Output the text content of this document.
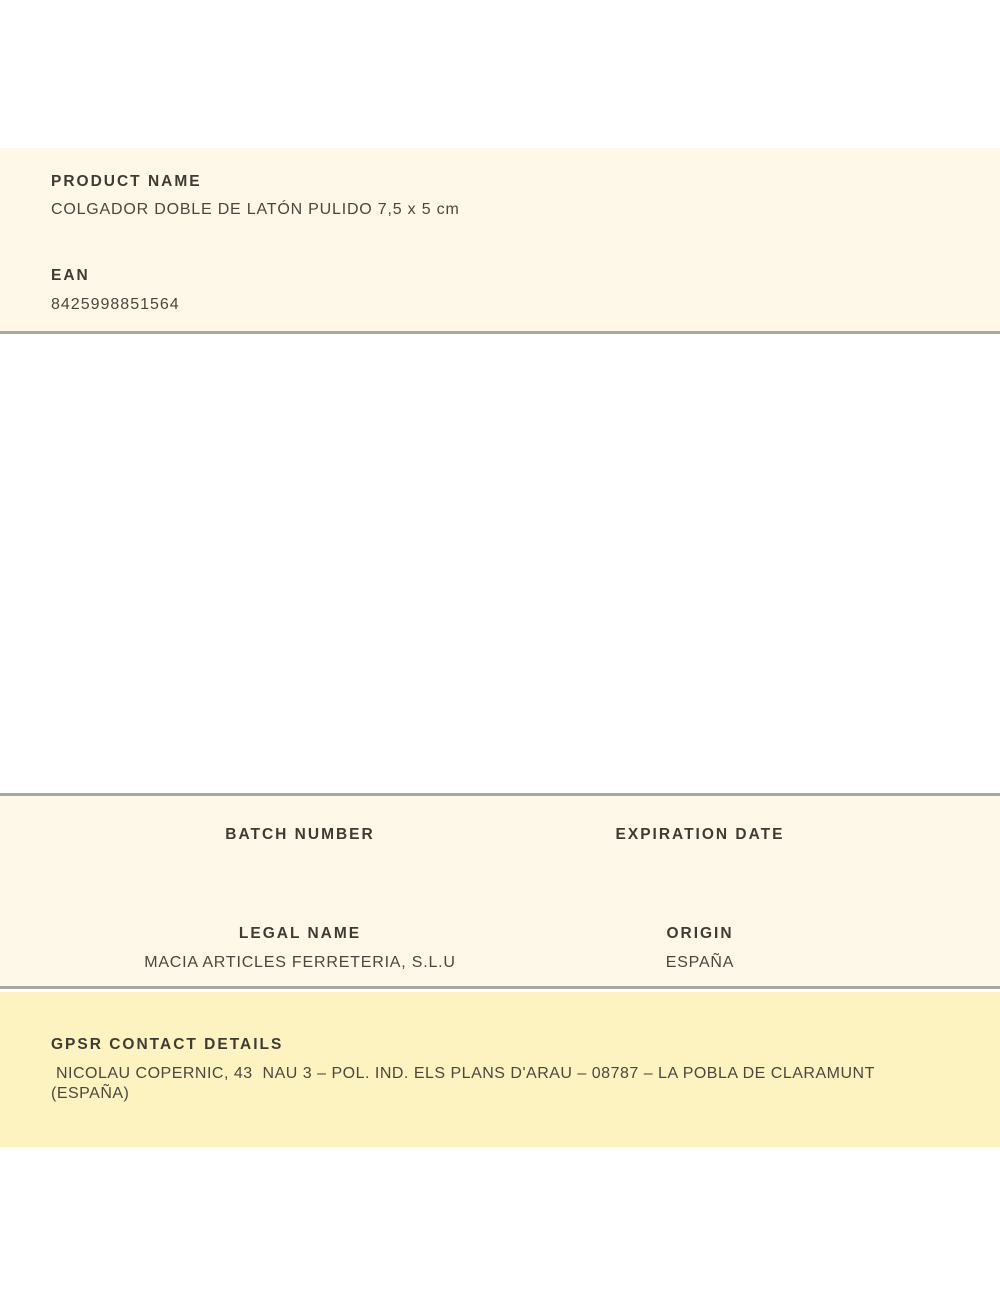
PRODUCT NAME
COLGADOR DOBLE DE LATÓN PULIDO 7,5 x 5 cm
EAN
8425998851564
BATCH NUMBER	EXPIRATION DATE
LEGAL NAME
MACIA ARTICLES FERRETERIA, S.L.U
ORIGIN
ESPAÑA
GPSR CONTACT DETAILS
NICOLAU COPERNIC, 43  NAU 3 – POL. IND. ELS PLANS D'ARAU – 08787 – LA POBLA DE CLARAMUNT (ESPAÑA)
